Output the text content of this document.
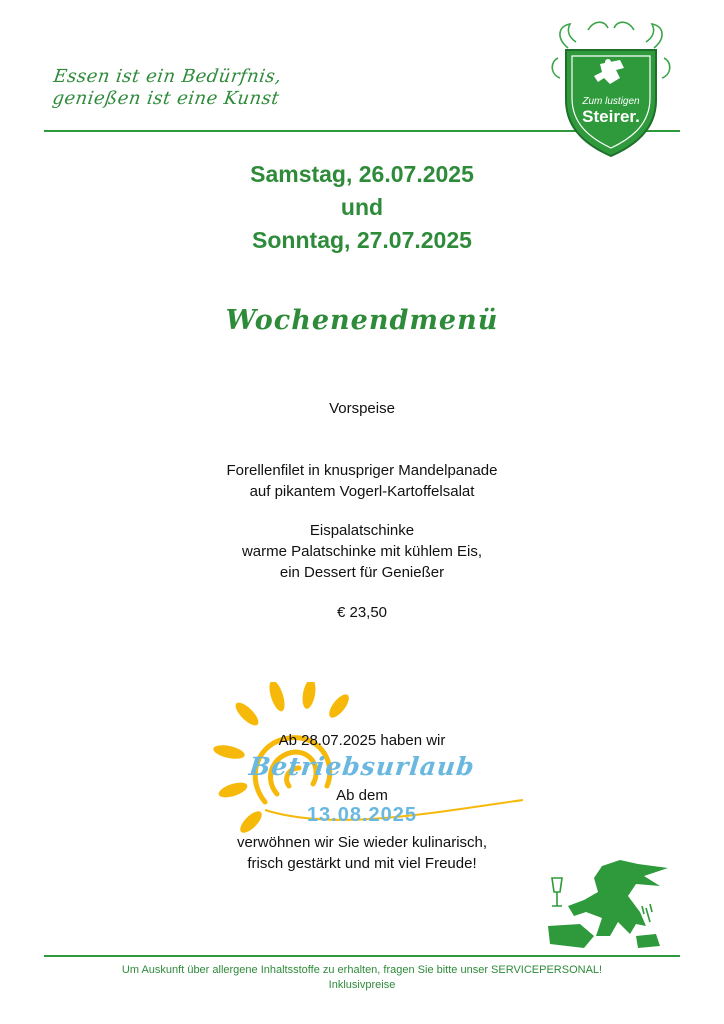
Essen ist ein Bedürfnis,
genießen ist eine Kunst	Zum lustigen
Steirer.
Samstag, 26.07.2025
und
Sonntag, 27.07.2025
Wochenendmenü
Vorspeise
Forellenfilet in knuspriger Mandelpanade
auf pikantem Vogerl-Kartoffelsalat
Eispalatschinke
warme Palatschinke mit kühlem Eis,
ein Dessert für Genießer
€ 23,50
Ab 28.07.2025 haben wir
Betriebsurlaub
Ab dem
13.08.2025
verwöhnen wir Sie wieder kulinarisch,
frisch gestärkt und mit viel Freude!
Um Auskunft über allergene Inhaltsstoffe zu erhalten, fragen Sie bitte unser SERVICEPERSONAL!
Inklusivpreise
